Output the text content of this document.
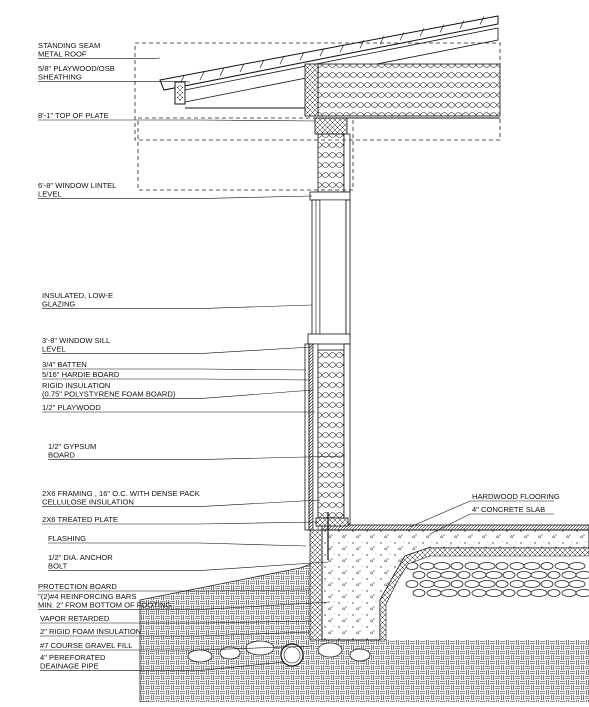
STANDING SEAM
METAL ROOF
5/8" PLAYWOOD/OSB
SHEATHING
8'-1" TOP OF PLATE
6'-8" WINDOW LINTEL
LEVEL
INSULATED, LOW-E
GLAZING
3'-8" WINDOW SILL
LEVEL
3/4" BATTEN
5/16" HARDIE BOARD
RIGID INSULATION
(0.75" POLYSTYRENE FOAM BOARD)
1/2" PLAYWOOD
1/2" GYPSUM
BOARD
2X6 FRAMING , 16" O.C. WITH DENSE PACK
CELLULOSE INSULATION
2X6 TREATED PLATE
FLASHING
1/2" DIA. ANCHOR
BOLT
PROTECTION BOARD
"(2)#4 REINFORCING BARS
MIN. 2" FROM BOTTOM OF FOOTING
VAPOR RETARDED
2" RIGID FOAM INSULATION
#7 COURSE GRAVEL FILL
4" PEREFORATED
DEAINAGE PIPE
HARDWOOD FLOORING
4" CONCRETE SLAB
